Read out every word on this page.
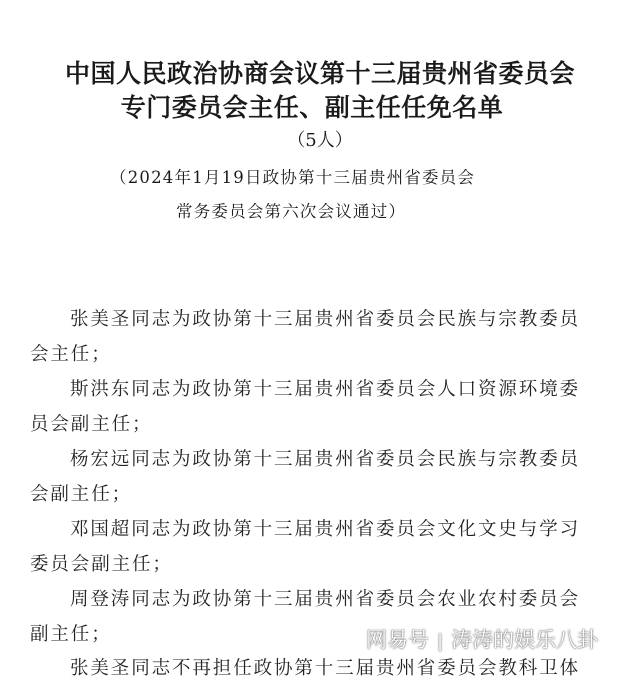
中国人民政治协商会议第十三届贵州省委员会
专门委员会主任、副主任任免名单
（5人）
（2024年1月19日政协第十三届贵州省委员会
常务委员会第六次会议通过）
张美圣同志为政协第十三届贵州省委员会民族与宗教委员
会主任；
斯洪东同志为政协第十三届贵州省委员会人口资源环境委
员会副主任；
杨宏远同志为政协第十三届贵州省委员会民族与宗教委员
会副主任；
邓国超同志为政协第十三届贵州省委员会文化文史与学习
委员会副主任；
周登涛同志为政协第十三届贵州省委员会农业农村委员会
副主任；
张美圣同志不再担任政协第十三届贵州省委员会教科卫体
网易号 | 涛涛的娱乐八卦
